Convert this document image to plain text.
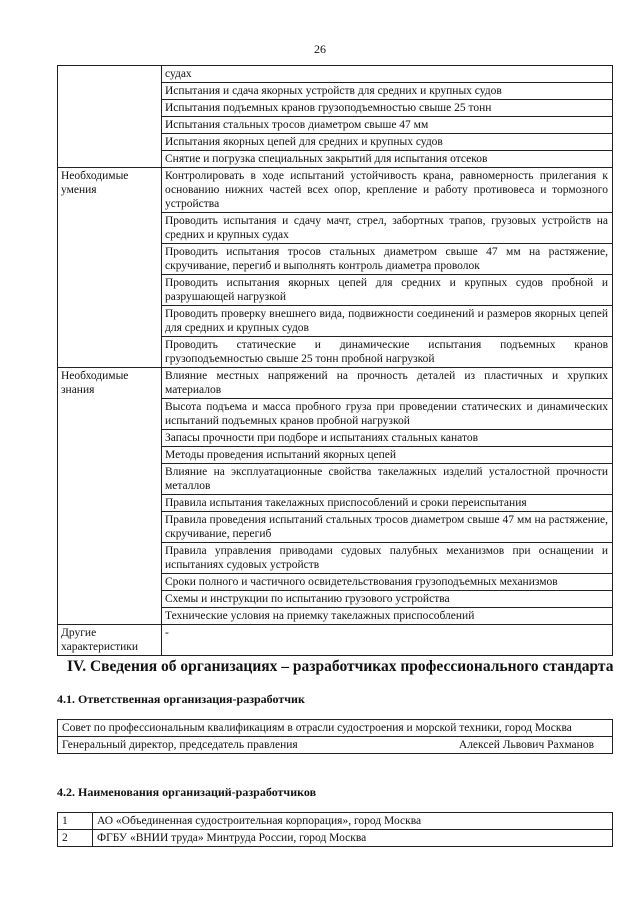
26
	судах
	Испытания и сдача якорных устройств для средних и крупных судов
	Испытания подъемных кранов грузоподъемностью свыше 25 тонн
	Испытания стальных тросов диаметром свыше 47 мм
	Испытания якорных цепей для средних и крупных судов
	Снятие и погрузка специальных закрытий для испытания отсеков
Необходимые умения	Контролировать в ходе испытаний устойчивость крана, равномерность прилегания к основанию нижних частей всех опор, крепление и работу противовеса и тормозного устройства
	Проводить испытания и сдачу мачт, стрел, забортных трапов, грузовых устройств на средних и крупных судах
	Проводить испытания тросов стальных диаметром свыше 47 мм на растяжение, скручивание, перегиб и выполнять контроль диаметра проволок
	Проводить испытания якорных цепей для средних и крупных судов пробной и разрушающей нагрузкой
	Проводить проверку внешнего вида, подвижности соединений и размеров якорных цепей для средних и крупных судов
	Проводить статические и динамические испытания подъемных кранов грузоподъемностью свыше 25 тонн пробной нагрузкой
Необходимые знания	Влияние местных напряжений на прочность деталей из пластичных и хрупких материалов
	Высота подъема и масса пробного груза при проведении статических и динамических испытаний подъемных кранов пробной нагрузкой
	Запасы прочности при подборе и испытаниях стальных канатов
	Методы проведения испытаний якорных цепей
	Влияние на эксплуатационные свойства такелажных изделий усталостной прочности металлов
	Правила испытания такелажных приспособлений и сроки переиспытания
	Правила проведения испытаний стальных тросов диаметром свыше 47 мм на растяжение, скручивание, перегиб
	Правила управления приводами судовых палубных механизмов при оснащении и испытаниях судовых устройств
	Сроки полного и частичного освидетельствования грузоподъемных механизмов
	Схемы и инструкции по испытанию грузового устройства
	Технические условия на приемку такелажных приспособлений
Другие характеристики	-
IV. Сведения об организациях – разработчиках профессионального стандарта
4.1. Ответственная организация-разработчик
Совет по профессиональным квалификациям в отрасли судостроения и морской техники, город Москва

Генеральный директор, председатель правления	Алексей Львович Рахманов
4.2. Наименования организаций-разработчиков
1	АО «Объединенная судостроительная корпорация», город Москва
2	ФГБУ «ВНИИ труда» Минтруда России, город Москва
